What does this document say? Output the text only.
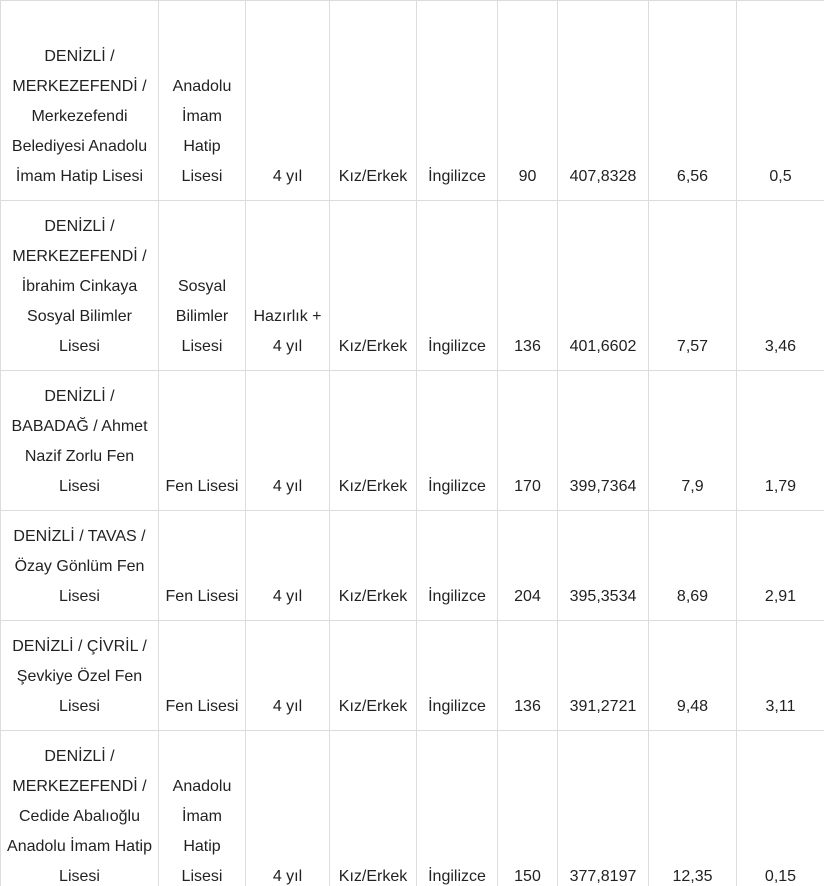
DENİZLİ / MERKEZEFENDİ / Merkezefendi Belediyesi Anadolu İmam Hatip Lisesi	Anadolu İmam Hatip Lisesi	4 yıl	Kız/Erkek	İngilizce	90	407,8328	6,56	0,5
DENİZLİ / MERKEZEFENDİ / İbrahim Cinkaya Sosyal Bilimler Lisesi	Sosyal Bilimler Lisesi	Hazırlık + 4 yıl	Kız/Erkek	İngilizce	136	401,6602	7,57	3,46
DENİZLİ / BABADAĞ / Ahmet Nazif Zorlu Fen Lisesi	Fen Lisesi	4 yıl	Kız/Erkek	İngilizce	170	399,7364	7,9	1,79
DENİZLİ / TAVAS / Özay Gönlüm Fen Lisesi	Fen Lisesi	4 yıl	Kız/Erkek	İngilizce	204	395,3534	8,69	2,91
DENİZLİ / ÇİVRİL / Şevkiye Özel Fen Lisesi	Fen Lisesi	4 yıl	Kız/Erkek	İngilizce	136	391,2721	9,48	3,11
DENİZLİ / MERKEZEFENDİ / Cedide Abalıoğlu Anadolu İmam Hatip Lisesi	Anadolu İmam Hatip Lisesi	4 yıl	Kız/Erkek	İngilizce	150	377,8197	12,35	0,15
